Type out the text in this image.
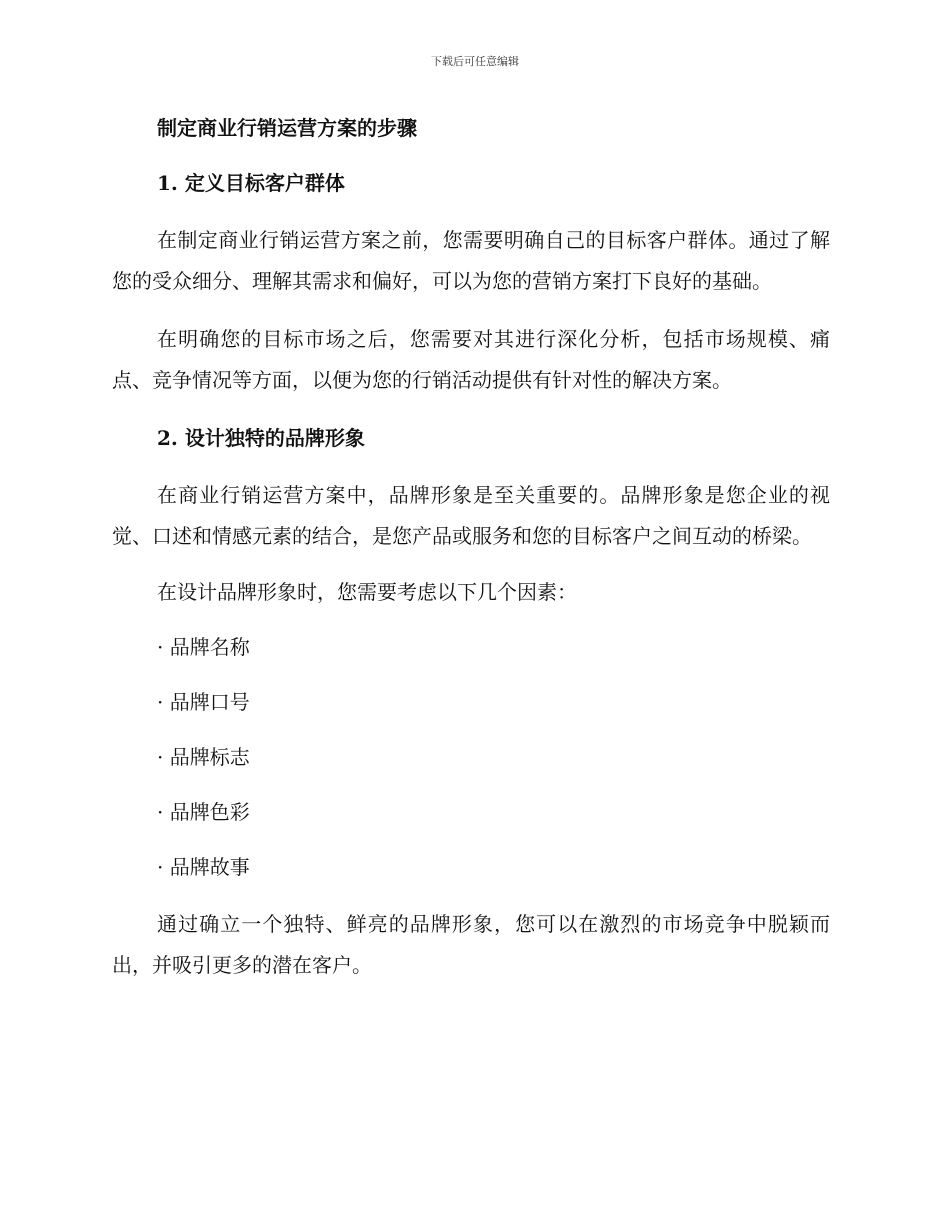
下载后可任意编辑

制定商业行销运营方案的步骤

1. 定义目标客户群体

在制定商业行销运营方案之前，您需要明确自己的目标客户群体。通过了解您的受众细分、理解其需求和偏好，可以为您的营销方案打下良好的基础。

在明确您的目标市场之后，您需要对其进行深化分析，包括市场规模、痛点、竞争情况等方面，以便为您的行销活动提供有针对性的解决方案。

2. 设计独特的品牌形象

在商业行销运营方案中，品牌形象是至关重要的。品牌形象是您企业的视觉、口述和情感元素的结合，是您产品或服务和您的目标客户之间互动的桥梁。

在设计品牌形象时，您需要考虑以下几个因素：

· 品牌名称

· 品牌口号

· 品牌标志

· 品牌色彩

· 品牌故事

通过确立一个独特、鲜亮的品牌形象，您可以在激烈的市场竞争中脱颖而出，并吸引更多的潜在客户。
